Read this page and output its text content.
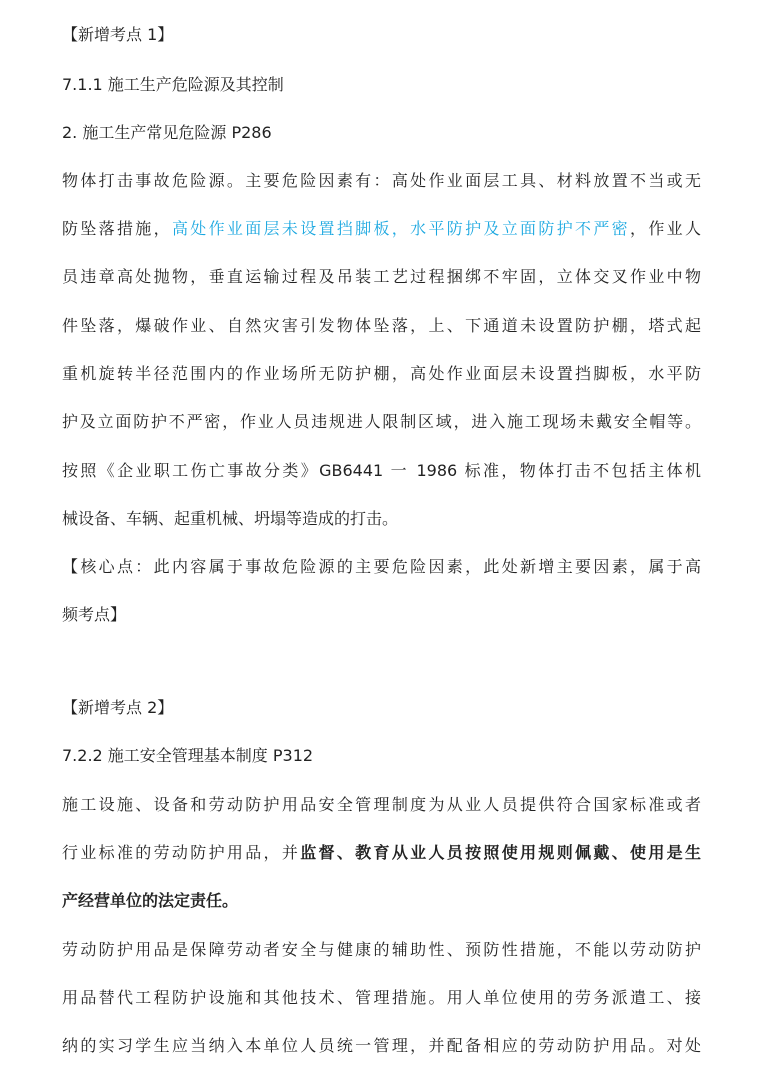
【新增考点 1】
7.1.1 施工生产危险源及其控制
2. 施工生产常见危险源 P286
物体打击事故危险源。主要危险因素有：高处作业面层工具、材料放置不当或无
防坠落措施，高处作业面层未设置挡脚板，水平防护及立面防护不严密，作业人
员违章高处抛物，垂直运输过程及吊装工艺过程捆绑不牢固，立体交叉作业中物
件坠落，爆破作业、自然灾害引发物体坠落，上、下通道未设置防护棚，塔式起
重机旋转半径范围内的作业场所无防护棚，高处作业面层未设置挡脚板，水平防
护及立面防护不严密，作业人员违规进人限制区域，进入施工现场未戴安全帽等。
按照《企业职工伤亡事故分类》GB6441 一 1986 标准，物体打击不包括主体机
械设备、车辆、起重机械、坍塌等造成的打击。
【核心点：此内容属于事故危险源的主要危险因素，此处新增主要因素，属于高
频考点】
【新增考点 2】
7.2.2 施工安全管理基本制度 P312
施工设施、设备和劳动防护用品安全管理制度为从业人员提供符合国家标准或者
行业标准的劳动防护用品，并监督、教育从业人员按照使用规则佩戴、使用是生
产经营单位的法定责任。
劳动防护用品是保障劳动者安全与健康的辅助性、预防性措施，不能以劳动防护
用品替代工程防护设施和其他技术、管理措施。用人单位使用的劳务派遣工、接
纳的实习学生应当纳入本单位人员统一管理，并配备相应的劳动防护用品。对处
